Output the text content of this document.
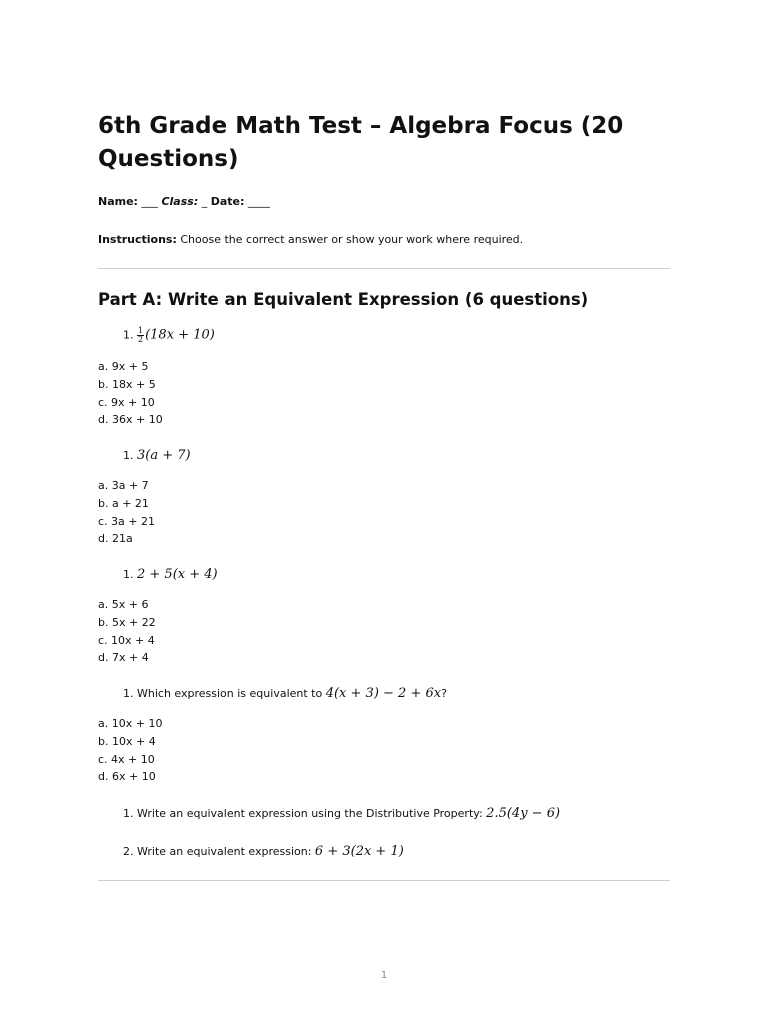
6th Grade Math Test – Algebra Focus (20 Questions)
Name: ___ Class: _ Date: ____
Instructions: Choose the correct answer or show your work where required.
Part A: Write an Equivalent Expression (6 questions)
1. $\frac{1}{2} (18x + 10)$
a. 9x + 5
b. 18x + 5
c. 9x + 10
d. 36x + 10
1. 3(a + 7)
a. 3a + 7
b. a + 21
c. 3a + 21
d. 21a
1. 2 + 5(x + 4)
a. 5x + 6
b. 5x + 22
c. 10x + 4
d. 7x + 4
1. Which expression is equivalent to 4(x + 3) − 2 + 6x?
a. 10x + 10
b. 10x + 4
c. 4x + 10
d. 6x + 10
1. Write an equivalent expression using the Distributive Property: 2.5(4y − 6)
2. Write an equivalent expression: 6 + 3(2x + 1)
1
